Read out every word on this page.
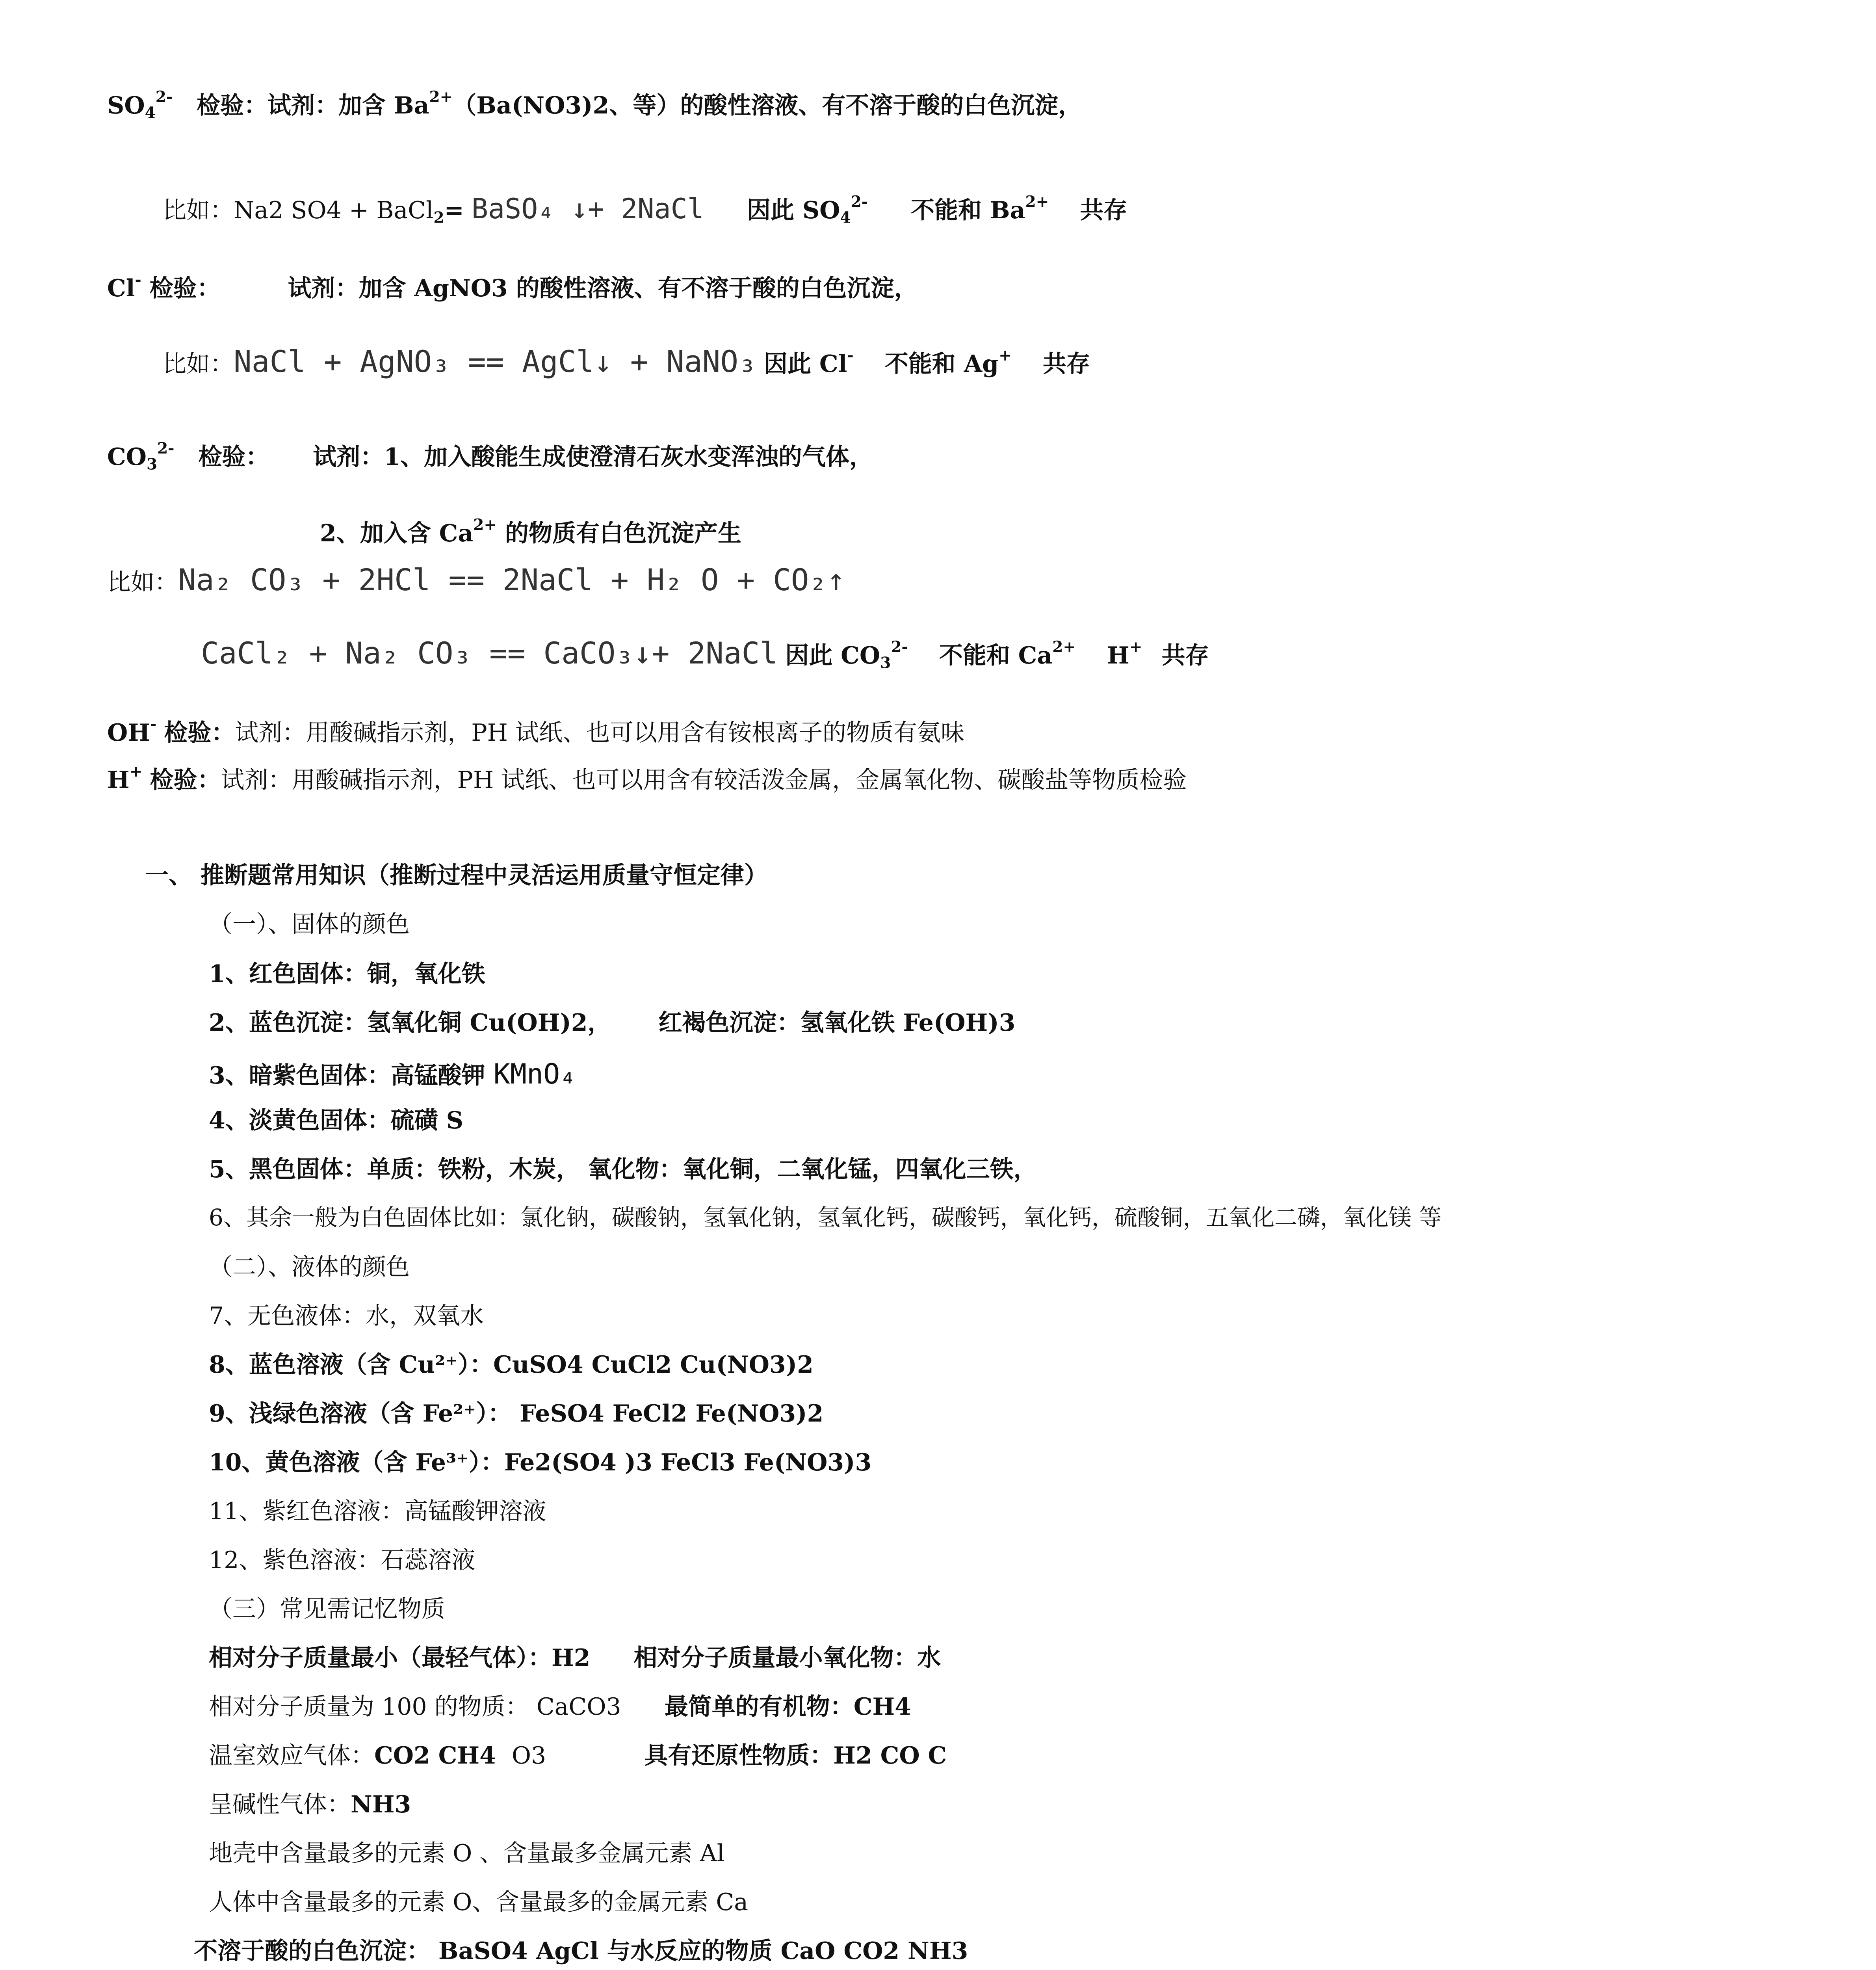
$SO_4^{2-}$ 检验：试剂：加含 $Ba^{2+}(Ba(NO3)2$、等）的酸性溶液、有不溶于酸的白色沉淀，
比如：Na2 SO4 + BaCl$_2$= BaSO₄ ↓+ 2NaCl 因此 $SO_4^{2-}$ 不能和 $Ba^{2+}$ 共存
Cl- 检验：	试剂：加含 AgNO3 的酸性溶液、有不溶于酸的白色沉淀，
比如：NaCl + AgNO₃ == AgCl↓ + NaNO₃ 因此 Cl- 不能和 Ag+ 共存
$CO_3^{2-}$ 检验： 试剂：1、加入酸能生成使澄清石灰水变浑浊的气体，
2、加入含 $Ca^{2+}$ 的物质有白色沉淀产生
比如：Na₂ CO₃ + 2HCl == 2NaCl + H₂ O + CO₂↑
CaCl₂ + Na₂ CO₃ == CaCO₃↓+ 2NaCl 因此 $CO_3^{2-}$ 不能和 $Ca^{2+}$ H+ 共存
OH- 检验：试剂：用酸碱指示剂，PH 试纸、也可以用含有铵根离子的物质有氨味
H+ 检验：试剂：用酸碱指示剂，PH 试纸、也可以用含有较活泼金属，金属氧化物、碳酸盐等物质检验
一、 推断题常用知识（推断过程中灵活运用质量守恒定律）
（一）、固体的颜色
1、红色固体：铜，氧化铁
2、蓝色沉淀：氢氧化铜 Cu(OH)2， 红褐色沉淀：氢氧化铁 Fe(OH)3
3、暗紫色固体：高锰酸钾 KMnO₄
4、淡黄色固体：硫磺 S
5、黑色固体：单质：铁粉，木炭， 氧化物：氧化铜，二氧化锰，四氧化三铁，
6、其余一般为白色固体比如：氯化钠，碳酸钠，氢氧化钠，氢氧化钙，碳酸钙，氧化钙，硫酸铜，五氧化二磷，氧化镁 等
（二）、液体的颜色
7、无色液体：水，双氧水
8、蓝色溶液（含 Cu²⁺）：CuSO4 CuCl2 Cu(NO3)2
9、浅绿色溶液（含 Fe²⁺）： FeSO4 FeCl2 Fe(NO3)2
10、黄色溶液（含 Fe³⁺）：Fe2(SO4 )3 FeCl3 Fe(NO3)3
11、紫红色溶液：高锰酸钾溶液
12、紫色溶液：石蕊溶液
（三）常见需记忆物质
相对分子质量最小（最轻气体）：H2 相对分子质量最小氧化物：水
相对分子质量为 100 的物质： CaCO3 最简单的有机物：CH4
温室效应气体：CO2 CH4 O3	具有还原性物质：H2 CO C
呈碱性气体：NH3
地壳中含量最多的元素 O 、含量最多金属元素 Al
人体中含量最多的元素 O、含量最多的金属元素 Ca
不溶于酸的白色沉淀： BaSO4 AgCl 与水反应的物质 CaO CO2 NH3
